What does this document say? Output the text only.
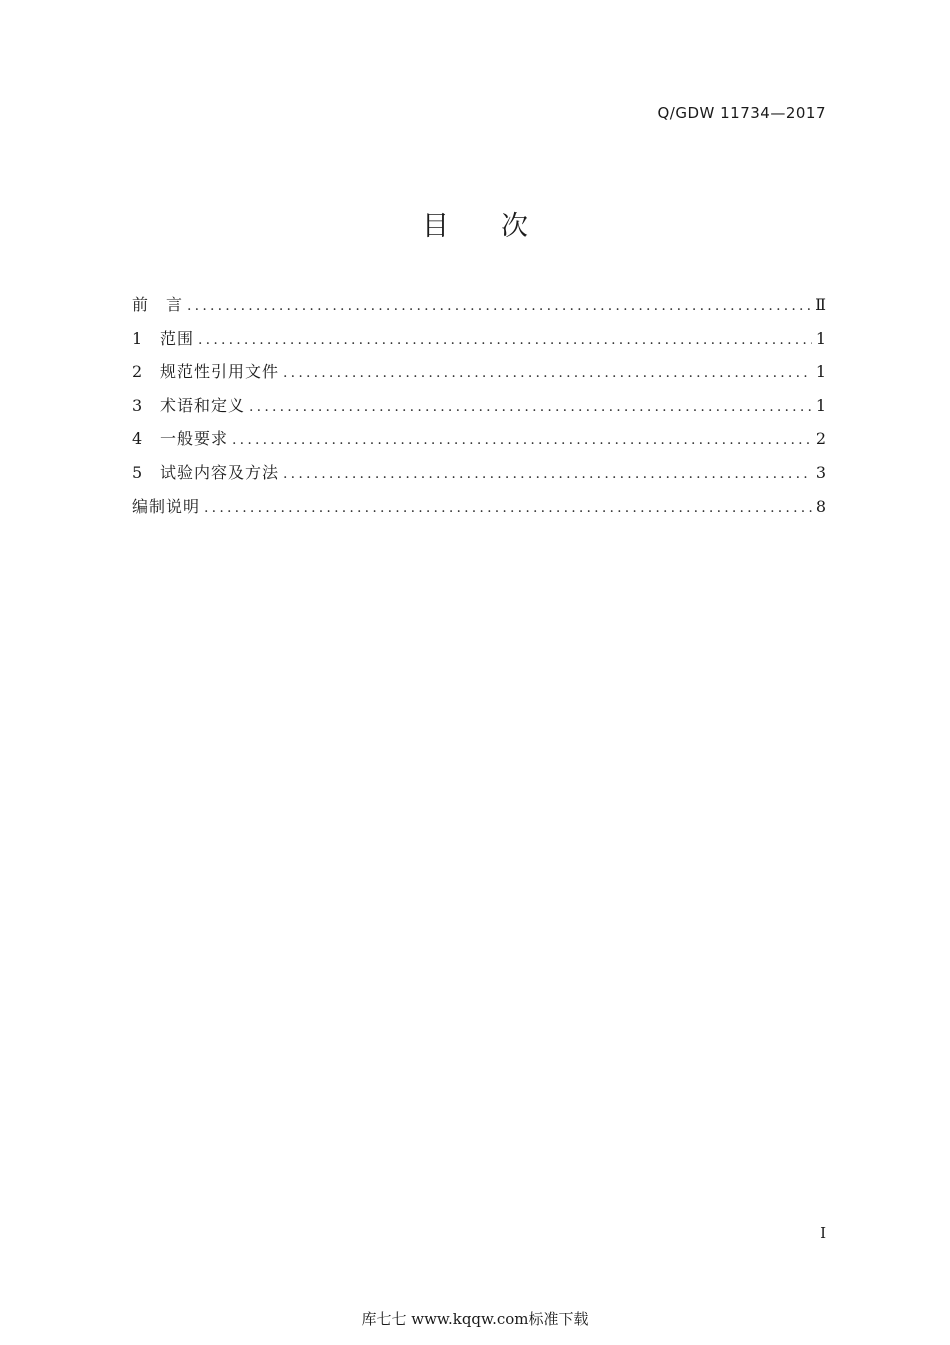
Q/GDW 11734—2017
目 次
前　言 .....	Ⅱ
1	范围 .....	1
2	规范性引用文件 .....	1
3	术语和定义 .....	1
4	一般要求 .....	2
5	试验内容及方法 .....	3
编制说明 .....	8
I
库七七 www.kqqw.com标准下载
